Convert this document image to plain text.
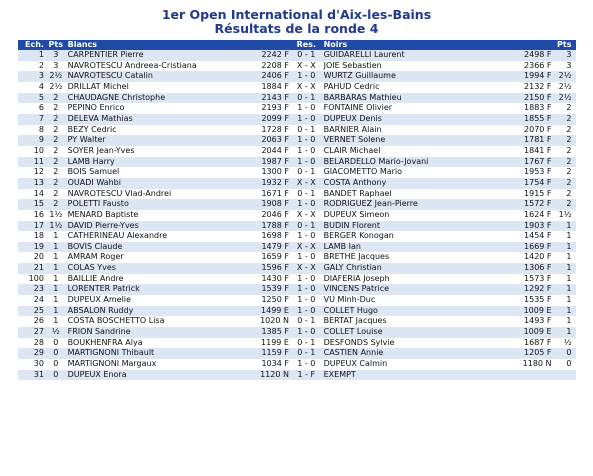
1er Open International d'Aix-les-Bains
Résultats de la ronde 4
Ech.	Pts	Blancs		Res.	Noirs		Pts
1	3	CARPENTIER Pierre	2242 F	0 - 1	GUIDARELLI Laurent	2498 F	3
2	3	NAVROTESCU Andreea-Cristiana	2208 F	X - X	JOIE Sebastien	2366 F	3
3	2½	NAVROTESCU Catalin	2406 F	1 - 0	WURTZ Guillaume	1994 F	2½
4	2½	DRILLAT Michel	1884 F	X - X	PAHUD Cedric	2132 F	2½
5	2	CHAUDAGNE Christophe	2143 F	0 - 1	BARBARAS Mathieu	2150 F	2½
6	2	PEPINO Enrico	2193 F	1 - 0	FONTAINE Olivier	1883 F	2
7	2	DELEVA Mathias	2099 F	1 - 0	DUPEUX Denis	1855 F	2
8	2	BEZY Cedric	1728 F	0 - 1	BARNIER Alain	2070 F	2
9	2	PY Walter	2063 F	1 - 0	VERNET Solene	1781 F	2
10	2	SOYER Jean-Yves	2044 F	1 - 0	CLAIR Michael	1841 F	2
11	2	LAMB Harry	1987 F	1 - 0	BELARDELLO Mario-Jovani	1767 F	2
12	2	BOIS Samuel	1300 F	0 - 1	GIACOMETTO Mario	1953 F	2
13	2	OUADI Wahbi	1932 F	X - X	COSTA Anthony	1754 F	2
14	2	NAVROTESCU Vlad-Andrei	1671 F	0 - 1	BANDET Raphael	1915 F	2
15	2	POLETTI Fausto	1908 F	1 - 0	RODRIGUEZ Jean-Pierre	1572 F	2
16	1½	MENARD Baptiste	2046 F	X - X	DUPEUX Simeon	1624 F	1½
17	1½	DAVID Pierre-Yves	1788 F	0 - 1	BUDIN Florent	1903 F	1
18	1	CATHERINEAU Alexandre	1698 F	1 - 0	BERGER Konogan	1454 F	1
19	1	BOVIS Claude	1479 F	X - X	LAMB Ian	1669 F	1
20	1	AMRAM Roger	1659 F	1 - 0	BRETHE Jacques	1420 F	1
21	1	COLAS Yves	1596 F	X - X	GALY Christian	1306 F	1
100	1	BAILLIE Andre	1430 F	1 - 0	DIAFERIA Joseph	1573 F	1
23	1	LORENTER Patrick	1539 F	1 - 0	VINCENS Patrice	1292 F	1
24	1	DUPEUX Amelie	1250 F	1 - 0	VU Minh-Duc	1535 F	1
25	1	ABSALON Ruddy	1499 E	1 - 0	COLLET Hugo	1009 E	1
26	1	COSTA BOSCHETTO Lisa	1020 N	0 - 1	BERTAT Jacques	1493 F	1
27	½	FRION Sandrine	1385 F	1 - 0	COLLET Louise	1009 E	1
28	0	BOUKHENFRA Alya	1199 E	0 - 1	DESFONDS Sylvie	1687 F	½
29	0	MARTIGNONI Thibault	1159 F	0 - 1	CASTIEN Annie	1205 F	0
30	0	MARTIGNONI Margaux	1034 F	1 - 0	DUPEUX Calmin	1180 N	0
31	0	DUPEUX Enora	1120 N	1 - F	EXEMPT		
